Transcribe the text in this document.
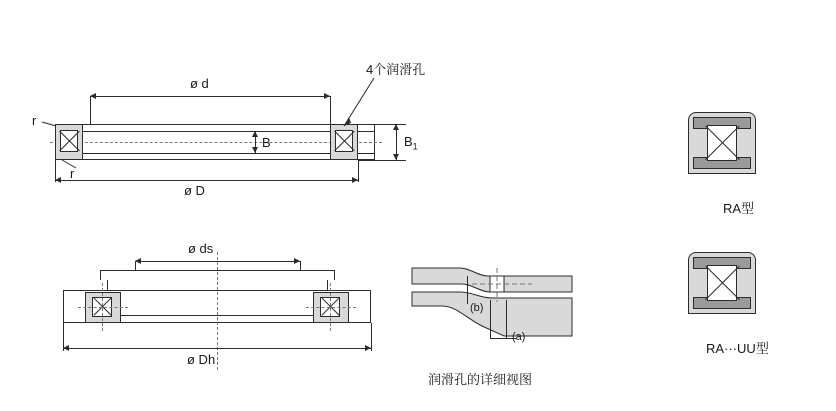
ø d
r
r
B	$B_1$
ø D
4个润滑孔
ø ds
ø Dh
(b)
(a)
润滑孔的详细视图
RA型
RA···UU型
